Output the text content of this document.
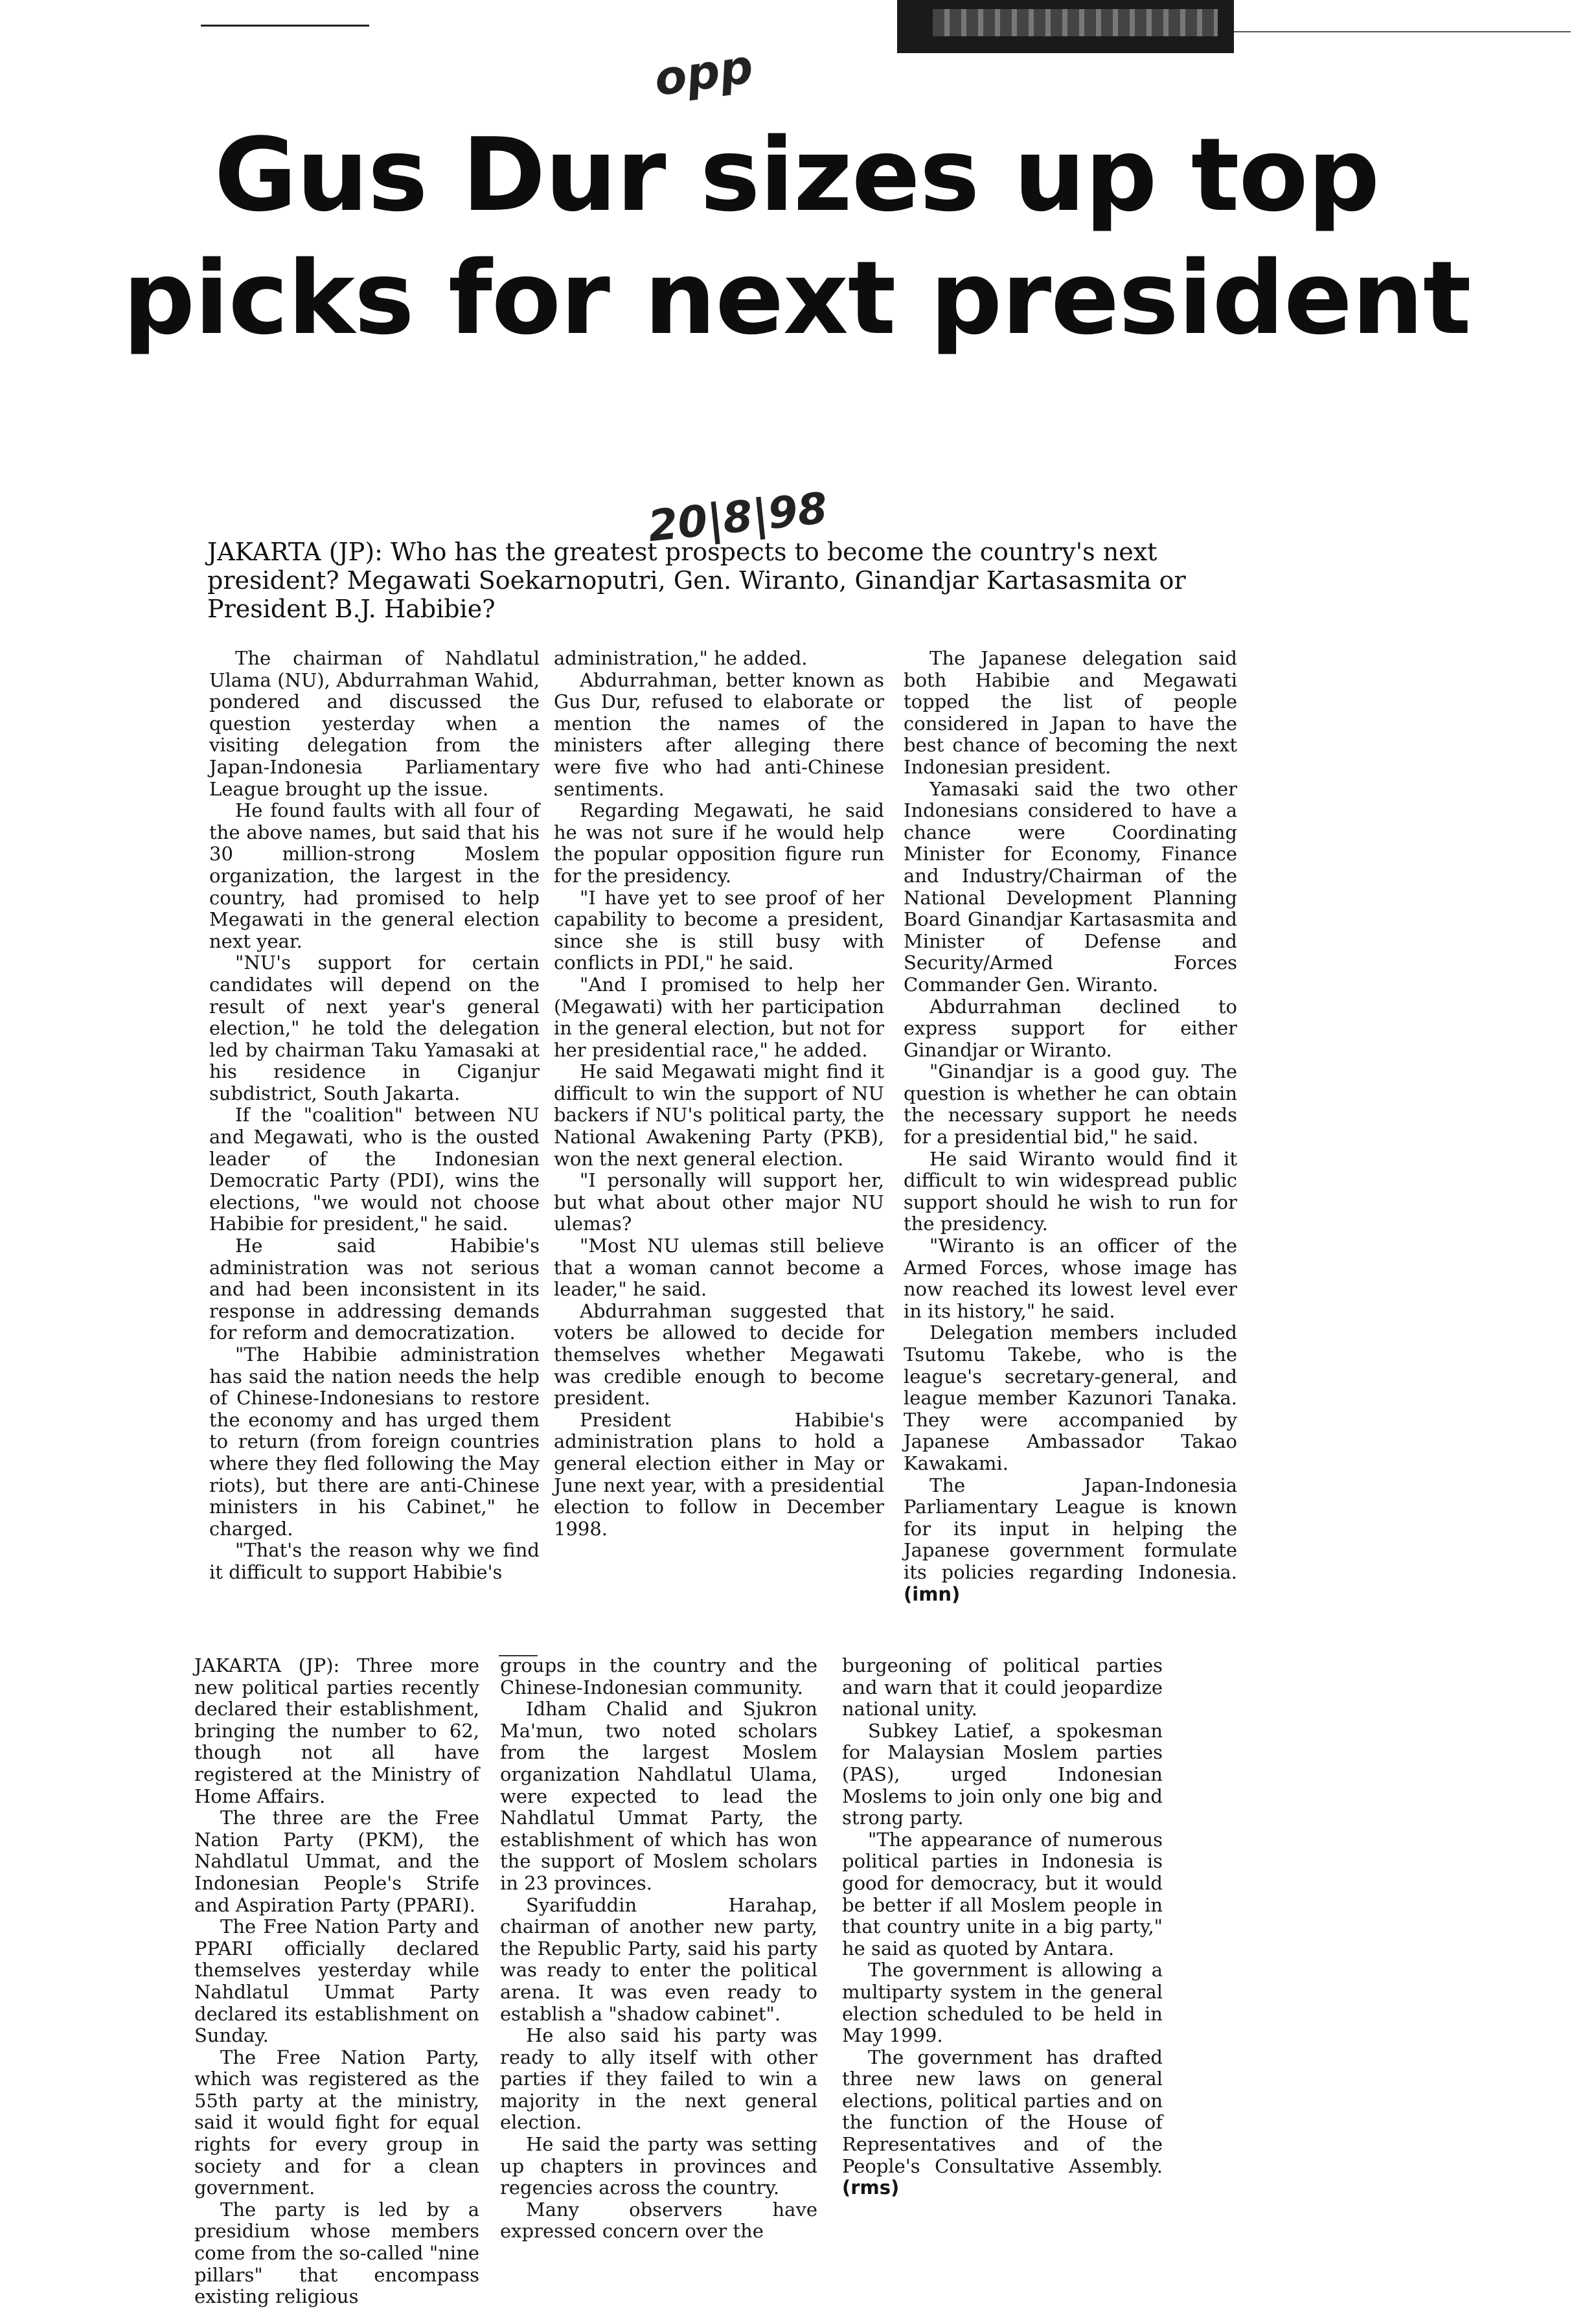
opp
20|8|98
Gus Dur sizes up top picks for next president

JAKARTA (JP): Who has the greatest prospects to become the country's next president? Megawati Soekarnoputri, Gen. Wiranto, Ginandjar Kartasasmita or President B.J. Habibie?

The chairman of Nahdlatul Ulama (NU), Abdurrahman Wahid, pondered and discussed the question yesterday when a visiting delegation from the Japan-Indonesia Parliamentary League brought up the issue.

He found faults with all four of the above names, but said that his 30 million-strong Moslem organization, the largest in the country, had promised to help Megawati in the general election next year.

"NU's support for certain candidates will depend on the result of next year's general election," he told the delegation led by chairman Taku Yamasaki at his residence in Ciganjur subdistrict, South Jakarta.

If the "coalition" between NU and Megawati, who is the ousted leader of the Indonesian Democratic Party (PDI), wins the elections, "we would not choose Habibie for president," he said.

He said Habibie's administration was not serious and had been inconsistent in its response in addressing demands for reform and democratization.

"The Habibie administration has said the nation needs the help of Chinese-Indonesians to restore the economy and has urged them to return (from foreign countries where they fled following the May riots), but there are anti-Chinese ministers in his Cabinet," he charged.

"That's the reason why we find it difficult to support Habibie's

administration," he added.

Abdurrahman, better known as Gus Dur, refused to elaborate or mention the names of the ministers after alleging there were five who had anti-Chinese sentiments.

Regarding Megawati, he said he was not sure if he would help the popular opposition figure run for the presidency.

"I have yet to see proof of her capability to become a president, since she is still busy with conflicts in PDI," he said.

"And I promised to help her (Megawati) with her participation in the general election, but not for her presidential race," he added.

He said Megawati might find it difficult to win the support of NU backers if NU's political party, the National Awakening Party (PKB), won the next general election.

"I personally will support her, but what about other major NU ulemas?

"Most NU ulemas still believe that a woman cannot become a leader," he said.

Abdurrahman suggested that voters be allowed to decide for themselves whether Megawati was credible enough to become president.

President Habibie's administration plans to hold a general election either in May or June next year, with a presidential election to follow in December 1998.

The Japanese delegation said both Habibie and Megawati topped the list of people considered in Japan to have the best chance of becoming the next Indonesian president.

Yamasaki said the two other Indonesians considered to have a chance were Coordinating Minister for Economy, Finance and Industry/Chairman of the National Development Planning Board Ginandjar Kartasasmita and Minister of Defense and Security/Armed Forces Commander Gen. Wiranto.

Abdurrahman declined to express support for either Ginandjar or Wiranto.

"Ginandjar is a good guy. The question is whether he can obtain the necessary support he needs for a presidential bid," he said.

He said Wiranto would find it difficult to win widespread public support should he wish to run for the presidency.

"Wiranto is an officer of the Armed Forces, whose image has now reached its lowest level ever in its history," he said.

Delegation members included Tsutomu Takebe, who is the league's secretary-general, and league member Kazunori Tanaka. They were accompanied by Japanese Ambassador Takao Kawakami.

The Japan-Indonesia Parliamentary League is known for its input in helping the Japanese government formulate its policies regarding Indonesia. (imn)

JAKARTA (JP): Three more new political parties recently declared their establishment, bringing the number to 62, though not all have registered at the Ministry of Home Affairs.

The three are the Free Nation Party (PKM), the Nahdlatul Ummat, and the Indonesian People's Strife and Aspiration Party (PPARI).

The Free Nation Party and PPARI officially declared themselves yesterday while Nahdlatul Ummat Party declared its establishment on Sunday.

The Free Nation Party, which was registered as the 55th party at the ministry, said it would fight for equal rights for every group in society and for a clean government.

The party is led by a presidium whose members come from the so-called "nine pillars" that encompass existing religious

groups in the country and the Chinese-Indonesian community.

Idham Chalid and Sjukron Ma'mun, two noted scholars from the largest Moslem organization Nahdlatul Ulama, were expected to lead the Nahdlatul Ummat Party, the establishment of which has won the support of Moslem scholars in 23 provinces.

Syarifuddin Harahap, chairman of another new party, the Republic Party, said his party was ready to enter the political arena. It was even ready to establish a "shadow cabinet".

He also said his party was ready to ally itself with other parties if they failed to win a majority in the next general election.

He said the party was setting up chapters in provinces and regencies across the country.

Many observers have expressed concern over the

burgeoning of political parties and warn that it could jeopardize national unity.

Subkey Latief, a spokesman for Malaysian Moslem parties (PAS), urged Indonesian Moslems to join only one big and strong party.

"The appearance of numerous political parties in Indonesia is good for democracy, but it would be better if all Moslem people in that country unite in a big party," he said as quoted by Antara.

The government is allowing a multiparty system in the general election scheduled to be held in May 1999.

The government has drafted three new laws on general elections, political parties and on the function of the House of Representatives and of the People's Consultative Assembly. (rms)
